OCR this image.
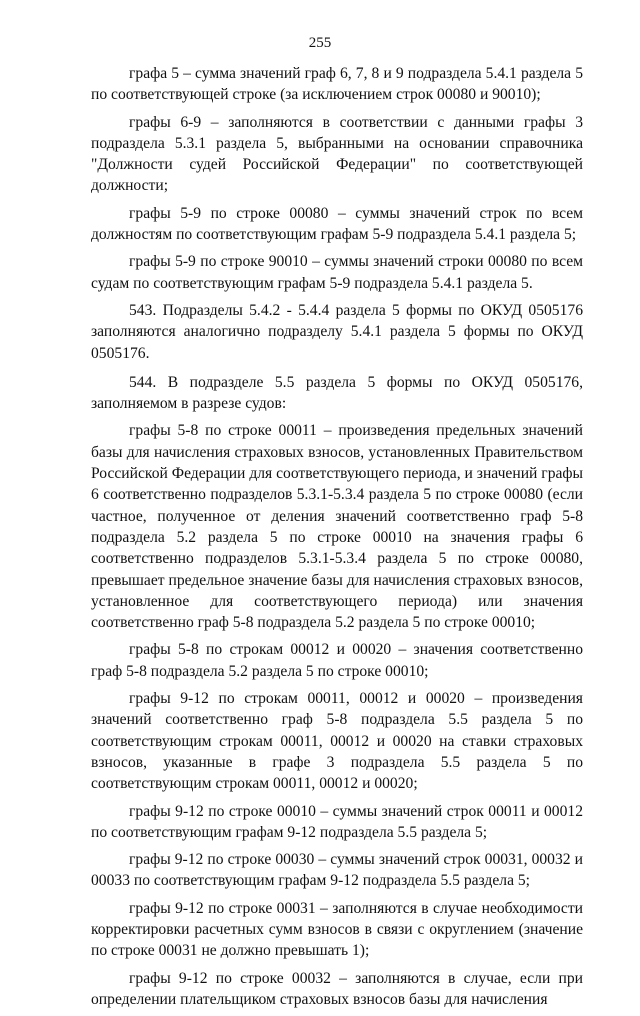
255

графа 5 – сумма значений граф 6, 7, 8 и 9 подраздела 5.4.1 раздела 5 по соответствующей строке (за исключением строк 00080 и 90010);

графы 6-9 – заполняются в соответствии с данными графы 3 подраздела 5.3.1 раздела 5, выбранными на основании справочника "Должности судей Российской Федерации" по соответствующей должности;

графы 5-9 по строке 00080 – суммы значений строк по всем должностям по соответствующим графам 5-9 подраздела 5.4.1 раздела 5;

графы 5-9 по строке 90010 – суммы значений строки 00080 по всем судам по соответствующим графам 5-9 подраздела 5.4.1 раздела 5.

543. Подразделы 5.4.2 - 5.4.4 раздела 5 формы по ОКУД 0505176 заполняются аналогично подразделу 5.4.1 раздела 5 формы по ОКУД 0505176.

544. В подразделе 5.5 раздела 5 формы по ОКУД 0505176, заполняемом в разрезе судов:

графы 5-8 по строке 00011 – произведения предельных значений базы для начисления страховых взносов, установленных Правительством Российской Федерации для соответствующего периода, и значений графы 6 соответственно подразделов 5.3.1-5.3.4 раздела 5 по строке 00080 (если частное, полученное от деления значений соответственно граф 5-8 подраздела 5.2 раздела 5 по строке 00010 на значения графы 6 соответственно подразделов 5.3.1-5.3.4 раздела 5 по строке 00080, превышает предельное значение базы для начисления страховых взносов, установленное для соответствующего периода) или значения соответственно граф 5-8 подраздела 5.2 раздела 5 по строке 00010;

графы 5-8 по строкам 00012 и 00020 – значения соответственно граф 5-8 подраздела 5.2 раздела 5 по строке 00010;

графы 9-12 по строкам 00011, 00012 и 00020 – произведения значений соответственно граф 5-8 подраздела 5.5 раздела 5 по соответствующим строкам 00011, 00012 и 00020 на ставки страховых взносов, указанные в графе 3 подраздела 5.5 раздела 5 по соответствующим строкам 00011, 00012 и 00020;

графы 9-12 по строке 00010 – суммы значений строк 00011 и 00012 по соответствующим графам 9-12 подраздела 5.5 раздела 5;

графы 9-12 по строке 00030 – суммы значений строк 00031, 00032 и 00033 по соответствующим графам 9-12 подраздела 5.5 раздела 5;

графы 9-12 по строке 00031 – заполняются в случае необходимости корректировки расчетных сумм взносов в связи с округлением (значение по строке 00031 не должно превышать 1);

графы 9-12 по строке 00032 – заполняются в случае, если при определении плательщиком страховых взносов базы для начисления
